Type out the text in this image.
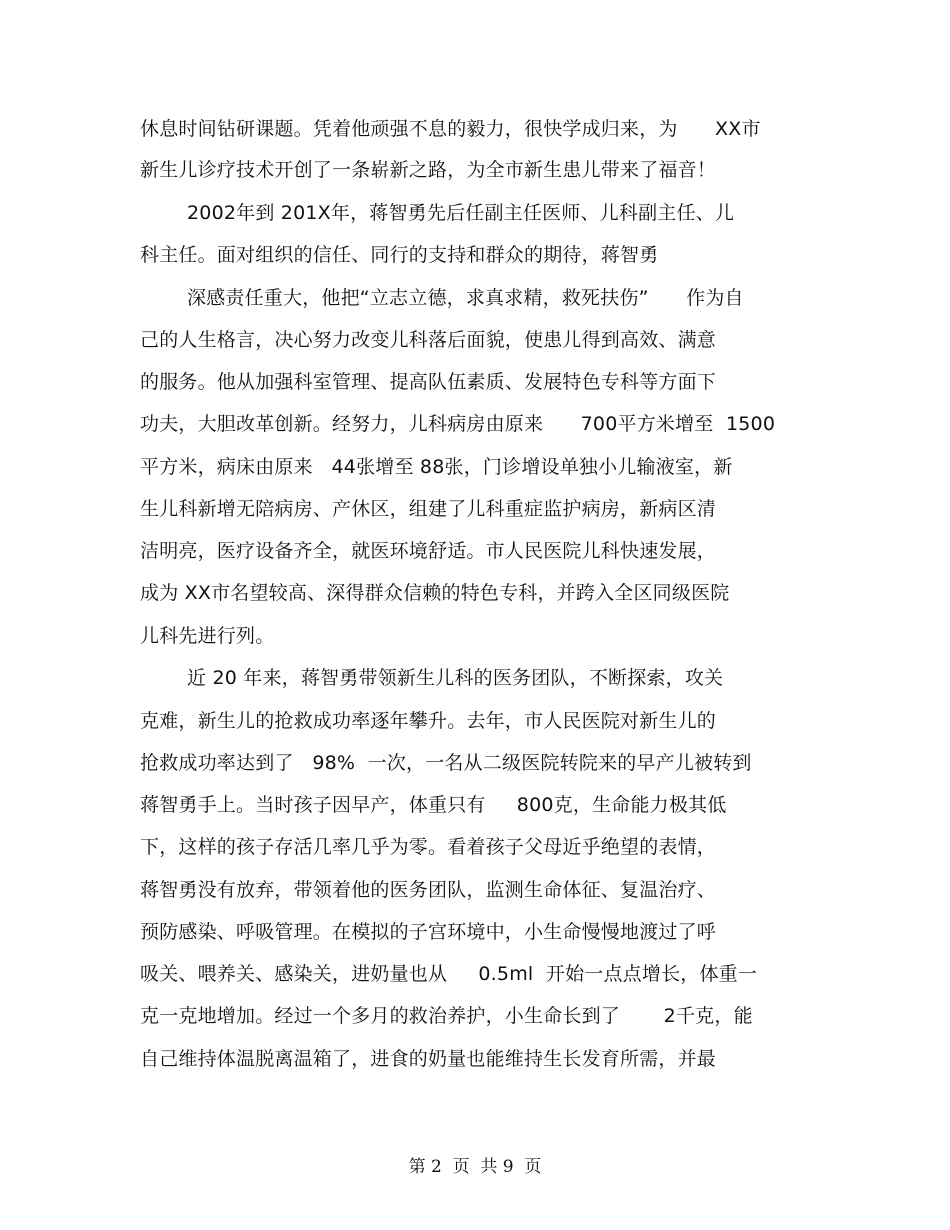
休息时间钻研课题。凭着他顽强不息的毅力，很快学成归来，为      XX市
新生儿诊疗技术开创了一条崭新之路，为全市新生患儿带来了福音！
2002年到 201X年，蒋智勇先后任副主任医师、儿科副主任、儿
科主任。面对组织的信任、同行的支持和群众的期待，蒋智勇
深感责任重大，他把“立志立德，求真求精，救死扶伤”      作为自
己的人生格言，决心努力改变儿科落后面貌，使患儿得到高效、满意
的服务。他从加强科室管理、提高队伍素质、发展特色专科等方面下
功夫，大胆改革创新。经努力，儿科病房由原来      700平方米增至  1500
平方米，病床由原来   44张增至 88张，门诊增设单独小儿输液室，新
生儿科新增无陪病房、产休区，组建了儿科重症监护病房，新病区清
洁明亮，医疗设备齐全，就医环境舒适。市人民医院儿科快速发展，
成为 XX市名望较高、深得群众信赖的特色专科，并跨入全区同级医院
儿科先进行列。
近 20 年来，蒋智勇带领新生儿科的医务团队，不断探索，攻关
克难，新生儿的抢救成功率逐年攀升。去年，市人民医院对新生儿的
抢救成功率达到了   98%  一次，一名从二级医院转院来的早产儿被转到
蒋智勇手上。当时孩子因早产，体重只有     800克，生命能力极其低
下，这样的孩子存活几率几乎为零。看着孩子父母近乎绝望的表情，
蒋智勇没有放弃，带领着他的医务团队，监测生命体征、复温治疗、
预防感染、呼吸管理。在模拟的子宫环境中，小生命慢慢地渡过了呼
吸关、喂养关、感染关，进奶量也从     0.5ml  开始一点点增长，体重一
克一克地增加。经过一个多月的救治养护，小生命长到了       2千克，能
自己维持体温脱离温箱了，进食的奶量也能维持生长发育所需，并最
第 2  页  共 9  页
